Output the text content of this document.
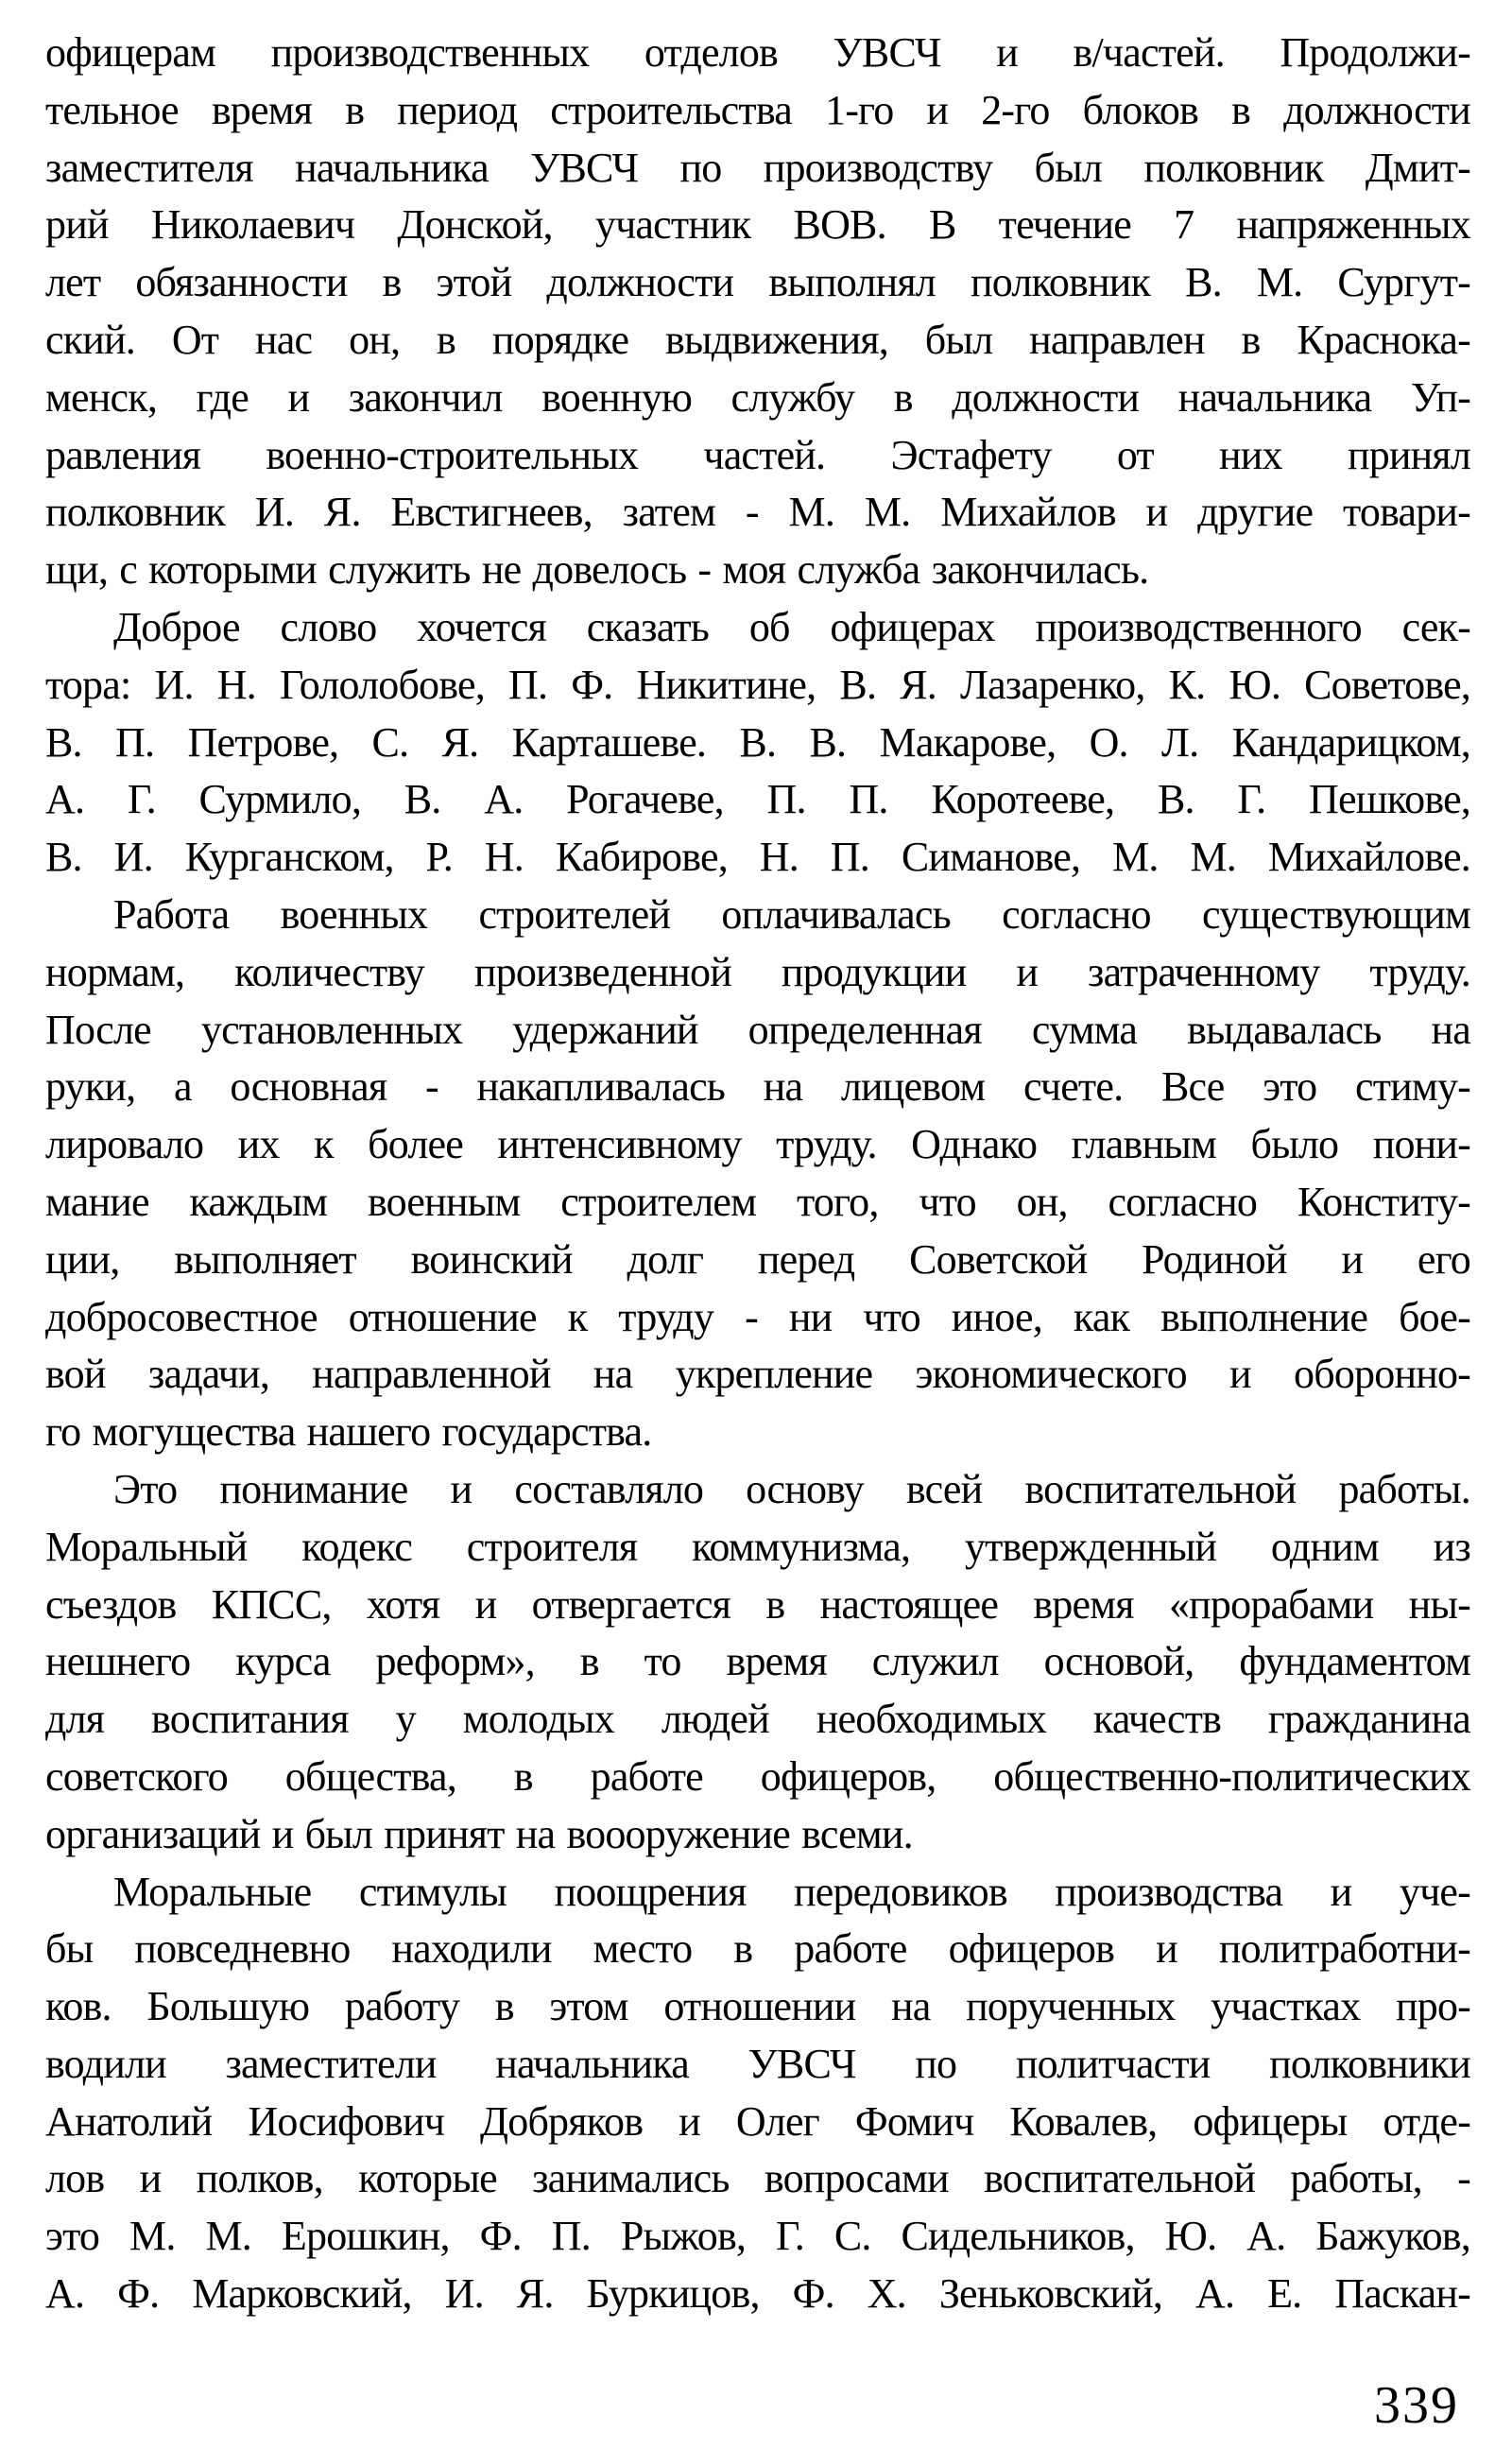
офицерам производственных отделов УВСЧ и в/частей. Продолжи-
тельное время в период строительства 1-го и 2-го блоков в должности
заместителя начальника УВСЧ по производству был полковник Дмит-
рий Николаевич Донской, участник ВОВ. В течение 7 напряженных
лет обязанности в этой должности выполнял полковник В. М. Сургут-
ский. От нас он, в порядке выдвижения, был направлен в Краснока-
менск, где и закончил военную службу в должности начальника Уп-
равления военно-строительных частей. Эстафету от них принял
полковник И. Я. Евстигнеев, затем - М. М. Михайлов и другие товари-
щи, с которыми служить не довелось - моя служба закончилась.
Доброе слово хочется сказать об офицерах производственного сек-
тора: И. Н. Гололобове, П. Ф. Никитине, В. Я. Лазаренко, К. Ю. Советове,
В. П. Петрове, С. Я. Карташеве. В. В. Макарове, О. Л. Кандарицком,
А. Г. Сурмило, В. А. Рогачеве, П. П. Коротееве, В. Г. Пешкове,
В. И. Курганском, Р. Н. Кабирове, Н. П. Симанове, М. М. Михайлове.
Работа военных строителей оплачивалась согласно существующим
нормам, количеству произведенной продукции и затраченному труду.
После установленных удержаний определенная сумма выдавалась на
руки, а основная - накапливалась на лицевом счете. Все это стиму-
лировало их к более интенсивному труду. Однако главным было пони-
мание каждым военным строителем того, что он, согласно Конститу-
ции, выполняет воинский долг перед Советской Родиной и его
добросовестное отношение к труду - ни что иное, как выполнение бое-
вой задачи, направленной на укрепление экономического и оборонно-
го могущества нашего государства.
Это понимание и составляло основу всей воспитательной работы.
Моральный кодекс строителя коммунизма, утвержденный одним из
съездов КПСС, хотя и отвергается в настоящее время «прорабами ны-
нешнего курса реформ», в то время служил основой, фундаментом
для воспитания у молодых людей необходимых качеств гражданина
советского общества, в работе офицеров, общественно-политических
организаций и был принят на воооружение всеми.
Моральные стимулы поощрения передовиков производства и уче-
бы повседневно находили место в работе офицеров и политработни-
ков. Большую работу в этом отношении на порученных участках про-
водили заместители начальника УВСЧ по политчасти полковники
Анатолий Иосифович Добряков и Олег Фомич Ковалев, офицеры отде-
лов и полков, которые занимались вопросами воспитательной работы, -
это М. М. Ерошкин, Ф. П. Рыжов, Г. С. Сидельников, Ю. А. Бажуков,
А. Ф. Марковский, И. Я. Буркицов, Ф. Х. Зеньковский, А. Е. Паскан-
339
